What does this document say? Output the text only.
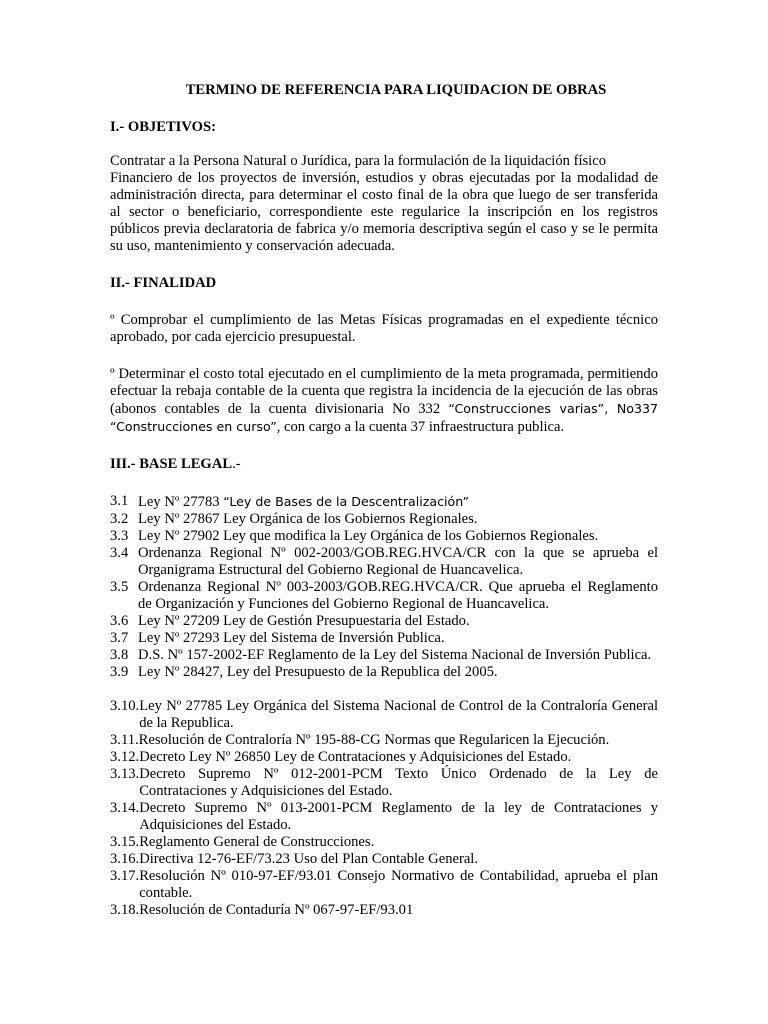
TERMINO DE REFERENCIA PARA LIQUIDACION DE OBRAS
I.- OBJETIVOS:
Contratar a la Persona Natural o Jurídica, para la formulación de la liquidación físico
Financiero de los proyectos de inversión, estudios y obras ejecutadas por la modalidad de administración directa, para determinar el costo final de la obra que luego de ser transferida al sector o beneficiario, correspondiente este regularice la inscripción en los registros públicos previa declaratoria de fabrica y/o memoria descriptiva según el caso y se le permita su uso, mantenimiento y conservación adecuada.
II.- FINALIDAD
º Comprobar el cumplimiento de las Metas Físicas programadas en el expediente técnico aprobado, por cada ejercicio presupuestal.
º Determinar el costo total ejecutado en el cumplimiento de la meta programada, permitiendo efectuar la rebaja contable de la cuenta que registra la incidencia de la ejecución de las obras (abonos contables de la cuenta divisionaria No 332 “Construcciones varias”, No337 “Construcciones en curso”, con cargo a la cuenta 37 infraestructura publica.
III.- BASE LEGAL.-
3.1 Ley Nº 27783 “Ley de Bases de la Descentralización”
3.2 Ley Nº 27867 Ley Orgánica de los Gobiernos Regionales.
3.3 Ley Nº 27902 Ley que modifica la Ley Orgánica de los Gobiernos Regionales.
3.4 Ordenanza Regional Nº 002-2003/GOB.REG.HVCA/CR con la que se aprueba el Organigrama Estructural del Gobierno Regional de Huancavelica.
3.5 Ordenanza Regional Nº 003-2003/GOB.REG.HVCA/CR. Que aprueba el Reglamento de Organización y Funciones del Gobierno Regional de Huancavelica.
3.6 Ley Nº 27209 Ley de Gestión Presupuestaria del Estado.
3.7 Ley Nº 27293 Ley del Sistema de Inversión Publica.
3.8 D.S. Nº 157-2002-EF Reglamento de la Ley del Sistema Nacional de Inversión Publica.
3.9 Ley Nº 28427, Ley del Presupuesto de la Republica del 2005.
3.10. Ley Nº 27785 Ley Orgánica del Sistema Nacional de Control de la Contraloría General de la Republica.
3.11. Resolución de Contraloría Nº 195-88-CG Normas que Regularicen la Ejecución.
3.12. Decreto Ley Nº 26850 Ley de Contrataciones y Adquisiciones del Estado.
3.13. Decreto Supremo Nº 012-2001-PCM Texto Único Ordenado de la Ley de Contrataciones y Adquisiciones del Estado.
3.14. Decreto Supremo Nº 013-2001-PCM Reglamento de la ley de Contrataciones y Adquisiciones del Estado.
3.15. Reglamento General de Construcciones.
3.16. Directiva 12-76-EF/73.23 Uso del Plan Contable General.
3.17. Resolución Nº 010-97-EF/93.01 Consejo Normativo de Contabilidad, aprueba el plan contable.
3.18. Resolución de Contaduría Nº 067-97-EF/93.01
